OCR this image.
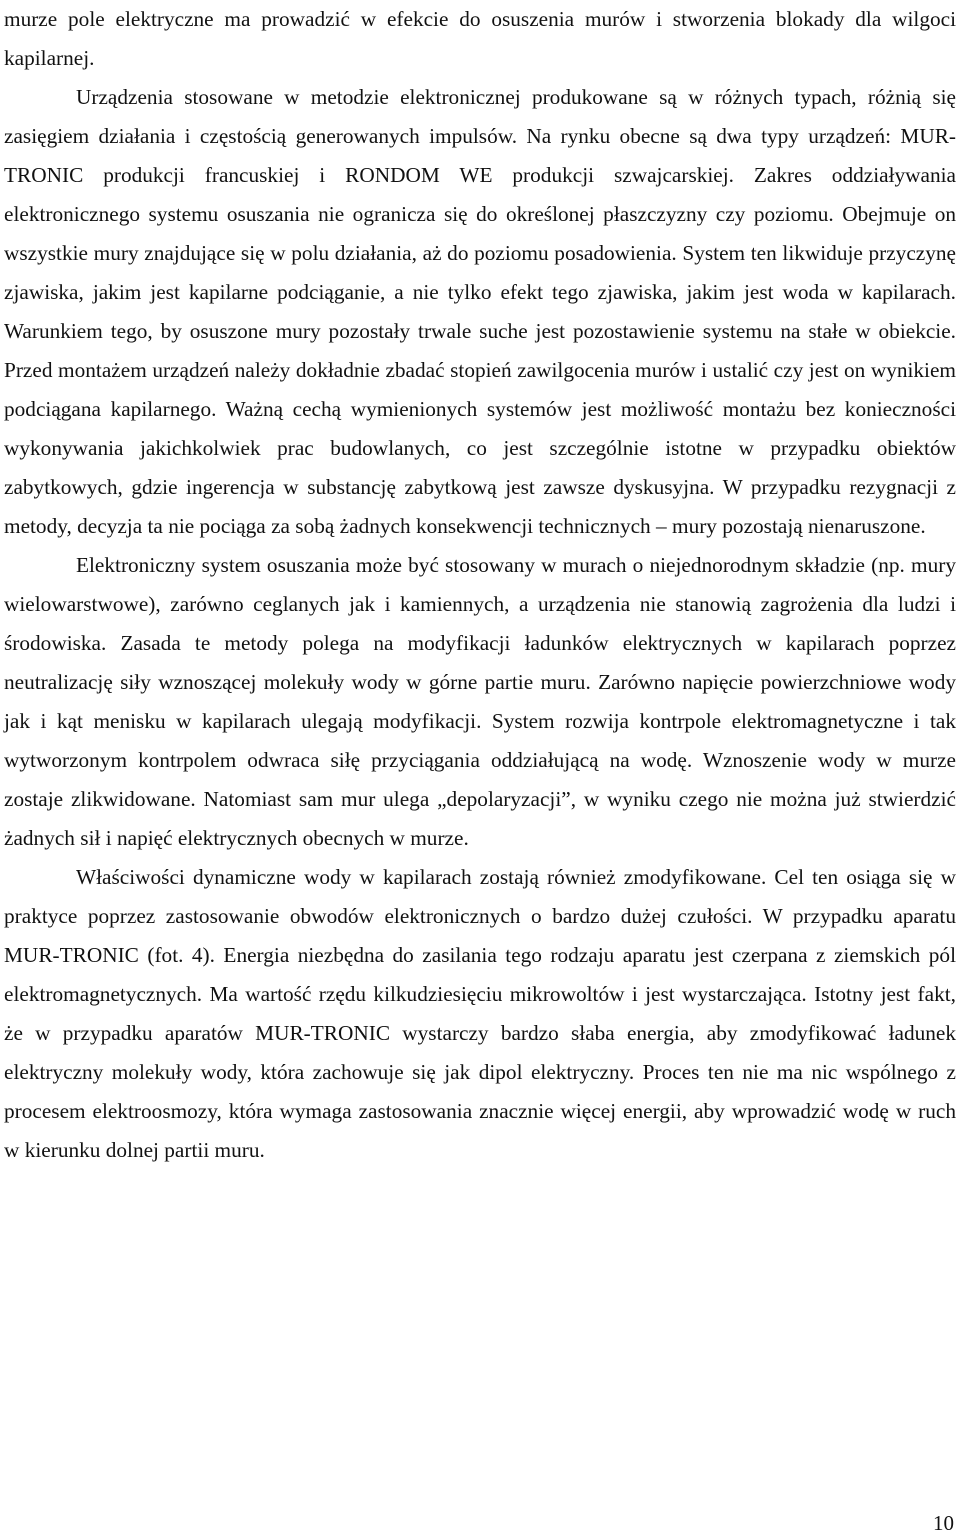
murze pole elektryczne ma prowadzić w efekcie do osuszenia murów i stworzenia blokady dla wilgoci kapilarnej.

Urządzenia stosowane w metodzie elektronicznej produkowane są w różnych typach, różnią się zasięgiem działania i częstością generowanych impulsów. Na rynku obecne są dwa typy urządzeń: MUR-TRONIC produkcji francuskiej i RONDOM WE produkcji szwajcarskiej. Zakres oddziaływania elektronicznego systemu osuszania nie ogranicza się do określonej płaszczyzny czy poziomu. Obejmuje on wszystkie mury znajdujące się w polu działania, aż do poziomu posadowienia. System ten likwiduje przyczynę zjawiska, jakim jest kapilarne podciąganie, a nie tylko efekt tego zjawiska, jakim jest woda w kapilarach. Warunkiem tego, by osuszone mury pozostały trwale suche jest pozostawienie systemu na stałe w obiekcie. Przed montażem urządzeń należy dokładnie zbadać stopień zawilgocenia murów i ustalić czy jest on wynikiem podciągana kapilarnego. Ważną cechą wymienionych systemów jest możliwość montażu bez konieczności wykonywania jakichkolwiek prac budowlanych, co jest szczególnie istotne w przypadku obiektów zabytkowych, gdzie ingerencja w substancję zabytkową jest zawsze dyskusyjna. W przypadku rezygnacji z metody, decyzja ta nie pociąga za sobą żadnych konsekwencji technicznych – mury pozostają nienaruszone.

Elektroniczny system osuszania może być stosowany w murach o niejednorodnym składzie (np. mury wielowarstwowe), zarówno ceglanych jak i kamiennych, a urządzenia nie stanowią zagrożenia dla ludzi i środowiska. Zasada te metody polega na modyfikacji ładunków elektrycznych w kapilarach poprzez neutralizację siły wznoszącej molekuły wody w górne partie muru. Zarówno napięcie powierzchniowe wody jak i kąt menisku w kapilarach ulegają modyfikacji. System rozwija kontrpole elektromagnetyczne i tak wytworzonym kontrpolem odwraca siłę przyciągania oddziałującą na wodę. Wznoszenie wody w murze zostaje zlikwidowane. Natomiast sam mur ulega „depolaryzacji”, w wyniku czego nie można już stwierdzić żadnych sił i napięć elektrycznych obecnych w murze.

Właściwości dynamiczne wody w kapilarach zostają również zmodyfikowane. Cel ten osiąga się w praktyce poprzez zastosowanie obwodów elektronicznych o bardzo dużej czułości. W przypadku aparatu MUR-TRONIC (fot. 4). Energia niezbędna do zasilania tego rodzaju aparatu jest czerpana z ziemskich pól elektromagnetycznych. Ma wartość rzędu kilkudziesięciu mikrowoltów i jest wystarczająca. Istotny jest fakt, że w przypadku aparatów MUR-TRONIC wystarczy bardzo słaba energia, aby zmodyfikować ładunek elektryczny molekuły wody, która zachowuje się jak dipol elektryczny. Proces ten nie ma nic wspólnego z procesem elektroosmozy, która wymaga zastosowania znacznie więcej energii, aby wprowadzić wodę w ruch w kierunku dolnej partii muru.

10
